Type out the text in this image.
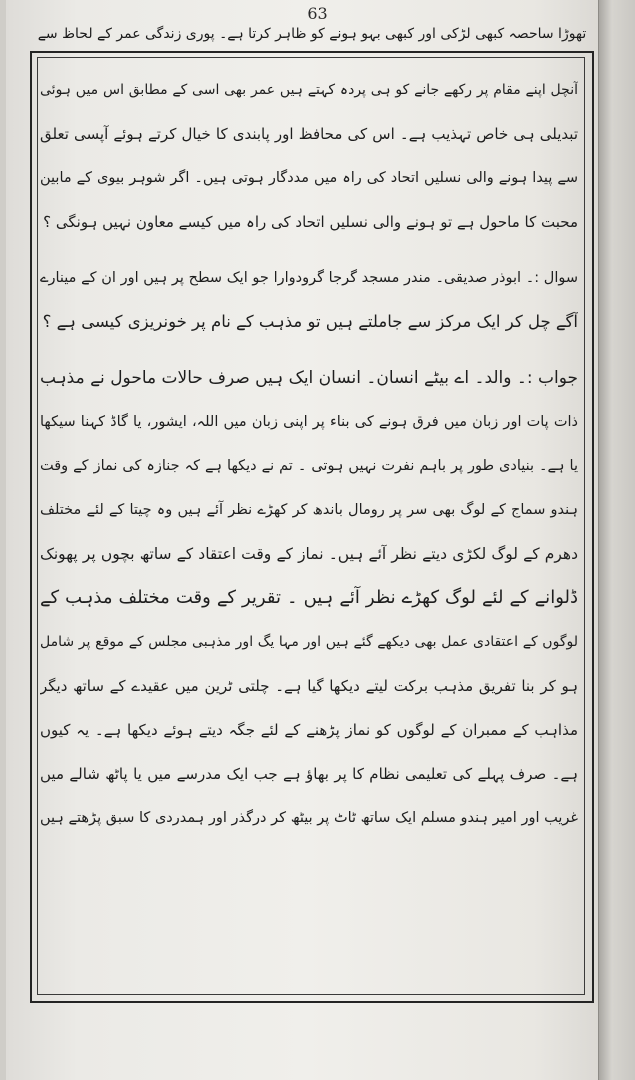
63
تھوڑا ساحصہ کبھی لڑکی اور کبھی بہو ہونے کو ظاہر کرتا ہے۔ پوری زندگی عمر کے لحاظ سے
آنچل اپنے مقام پر رکھے جانے کو ہی پردہ کہتے ہیں عمر بھی اسی کے مطابق اس میں ہوئی
تبدیلی ہی خاص تہذیب ہے۔ اس کی محافظ اور پابندی کا خیال کرتے ہوئے آپسی تعلق
سے پیدا ہونے والی نسلیں اتحاد کی راہ میں مددگار ہوتی ہیں۔ اگر شوہر بیوی کے مابین
محبت کا ماحول ہے تو ہونے والی نسلیں اتحاد کی راہ میں کیسے معاون نہیں ہونگی ؟
سوال :۔ ابوذر صدیقی۔ مندر مسجد گرجا گرودوارا جو ایک سطح پر ہیں اور ان کے مینارے
آگے چل کر ایک مرکز سے جاملتے ہیں تو مذہب کے نام پر خونریزی کیسی ہے ؟
جواب :۔ والد۔ اے بیٹے انسان۔ انسان ایک ہیں صرف حالات ماحول نے مذہب
ذات پات اور زبان میں فرق ہونے کی بناء پر اپنی زبان میں اللہ، ایشور، یا گاڈ کہنا سیکھا
یا ہے۔ بنیادی طور پر باہم نفرت نہیں ہوتی ۔ تم نے دیکھا ہے کہ جنازہ کی نماز کے وقت
ہندو سماج کے لوگ بھی سر پر رومال باندھ کر کھڑے نظر آئے ہیں وہ چیتا کے لئے مختلف
دھرم کے لوگ لکڑی دیتے نظر آئے ہیں۔ نماز کے وقت اعتقاد کے ساتھ بچوں پر پھونک
ڈلوانے کے لئے لوگ کھڑے نظر آئے ہیں ۔ تقریر کے وقت مختلف مذہب کے
لوگوں کے اعتقادی عمل بھی دیکھے گئے ہیں اور مہا یگ اور مذہبی مجلس کے موقع پر شامل
ہو کر بنا تفریق مذہب برکت لیتے دیکھا گیا ہے۔ چلتی ٹرین میں عقیدے کے ساتھ دیگر
مذاہب کے ممبران کے لوگوں کو نماز پڑھنے کے لئے جگہ دیتے ہوئے دیکھا ہے۔ یہ کیوں
ہے۔ صرف پہلے کی تعلیمی نظام کا پر بھاؤ ہے جب ایک مدرسے میں یا پاٹھ شالے میں
غریب اور امیر ہندو مسلم ایک ساتھ ٹاٹ پر بیٹھ کر درگذر اور ہمدردی کا سبق پڑھتے ہیں
